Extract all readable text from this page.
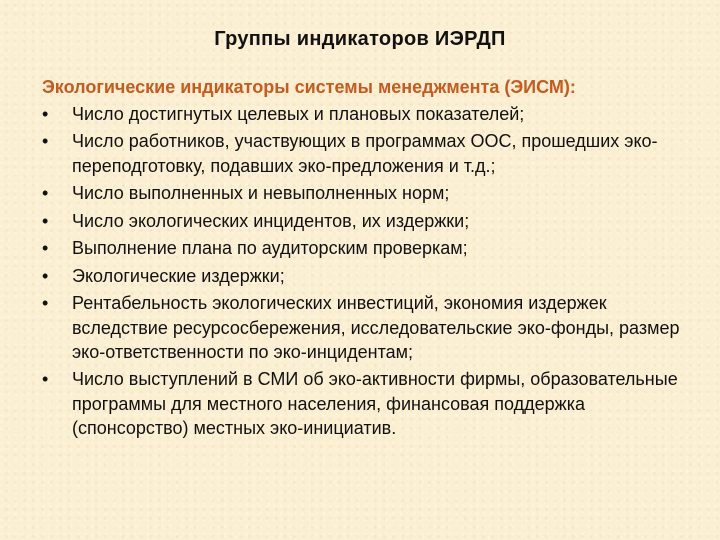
Группы индикаторов ИЭРДП
Экологические индикаторы системы менеджмента (ЭИСМ):
• Число достигнутых целевых и плановых показателей;
• Число работников, участвующих в программах ООС, прошедших эко-переподготовку, подавших эко-предложения и т.д.;
• Число выполненных и невыполненных норм;
• Число экологических инцидентов, их издержки;
• Выполнение плана по аудиторским проверкам;
• Экологические издержки;
• Рентабельность экологических инвестиций, экономия издержек вследствие ресурсосбережения, исследовательские эко-фонды, размер эко-ответственности по эко-инцидентам;
• Число выступлений в СМИ об эко-активности фирмы, образовательные программы для местного населения, финансовая поддержка (спонсорство) местных эко-инициатив.
